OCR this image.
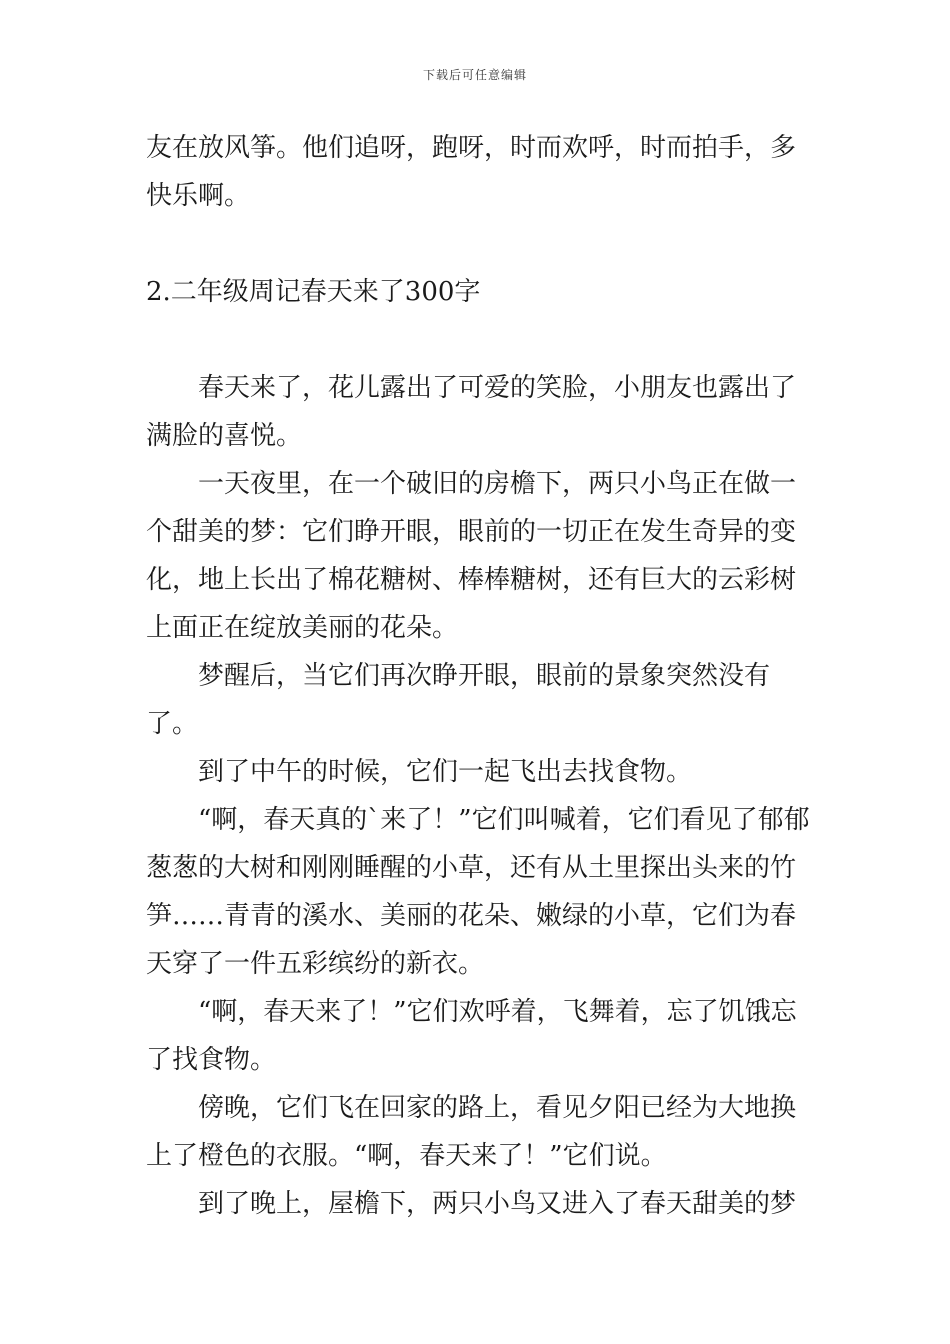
下载后可任意编辑

友在放风筝。他们追呀，跑呀，时而欢呼，时而拍手，多快乐啊。

2.二年级周记春天来了300字

春天来了，花儿露出了可爱的笑脸，小朋友也露出了满脸的喜悦。

一天夜里，在一个破旧的房檐下，两只小鸟正在做一个甜美的梦：它们睁开眼，眼前的一切正在发生奇异的变化，地上长出了棉花糖树、棒棒糖树，还有巨大的云彩树上面正在绽放美丽的花朵。

梦醒后，当它们再次睁开眼，眼前的景象突然没有了。

到了中午的时候，它们一起飞出去找食物。

“啊，春天真的`来了！”它们叫喊着，它们看见了郁郁葱葱的大树和刚刚睡醒的小草，还有从土里探出头来的竹笋……青青的溪水、美丽的花朵、嫩绿的小草，它们为春天穿了一件五彩缤纷的新衣。

“啊，春天来了！”它们欢呼着，飞舞着，忘了饥饿忘了找食物。

傍晚，它们飞在回家的路上，看见夕阳已经为大地换上了橙色的衣服。“啊，春天来了！”它们说。

到了晚上，屋檐下，两只小鸟又进入了春天甜美的梦
